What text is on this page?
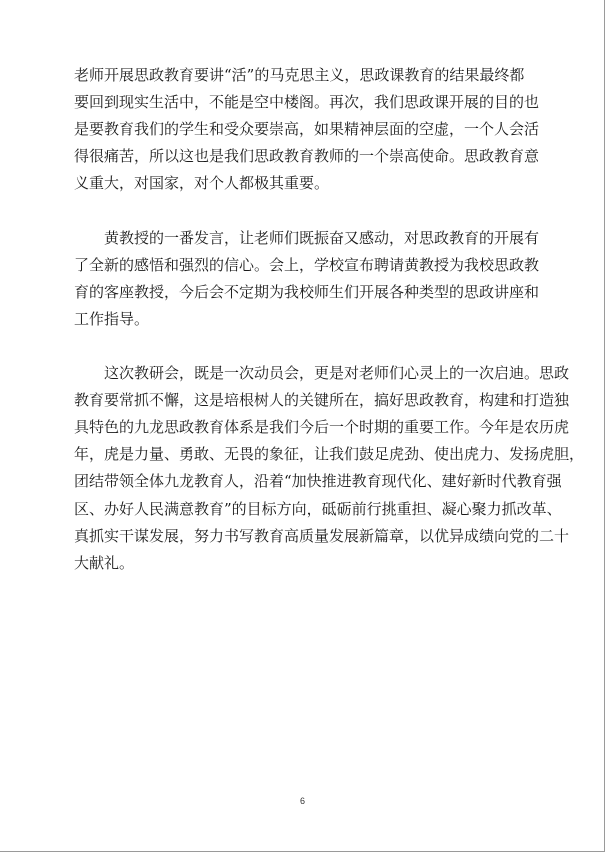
老师开展思政教育要讲“活”的马克思主义，思政课教育的结果最终都
要回到现实生活中，不能是空中楼阁。再次，我们思政课开展的目的也
是要教育我们的学生和受众要崇高，如果精神层面的空虚，一个人会活
得很痛苦，所以这也是我们思政教育教师的一个崇高使命。思政教育意
义重大，对国家，对个人都极其重要。
黄教授的一番发言，让老师们既振奋又感动，对思政教育的开展有
了全新的感悟和强烈的信心。会上，学校宣布聘请黄教授为我校思政教
育的客座教授，今后会不定期为我校师生们开展各种类型的思政讲座和
工作指导。
这次教研会，既是一次动员会，更是对老师们心灵上的一次启迪。思政
教育要常抓不懈，这是培根树人的关键所在，搞好思政教育，构建和打造独
具特色的九龙思政教育体系是我们今后一个时期的重要工作。今年是农历虎
年，虎是力量、勇敢、无畏的象征，让我们鼓足虎劲、使出虎力、发扬虎胆，
团结带领全体九龙教育人，沿着“加快推进教育现代化、建好新时代教育强
区、办好人民满意教育”的目标方向，砥砺前行挑重担、凝心聚力抓改革、
真抓实干谋发展，努力书写教育高质量发展新篇章，以优异成绩向党的二十
大献礼。
6
